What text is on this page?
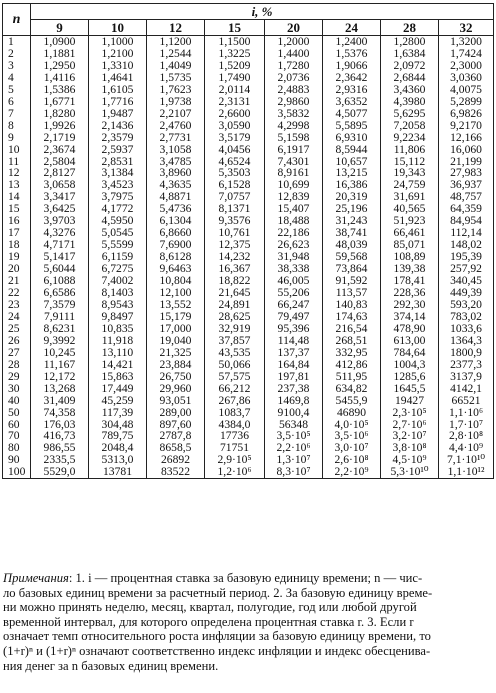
n	i, %							
	9	10	12	15	20	24	28	32
1	1,0900	1,1000	1,1200	1,1500	1,2000	1,2400	1,2800	1,3200
2	1,1881	1,2100	1,2544	1,3225	1,4400	1,5376	1,6384	1,7424
3	1,2950	1,3310	1,4049	1,5209	1,7280	1,9066	2,0972	2,3000
4	1,4116	1,4641	1,5735	1,7490	2,0736	2,3642	2,6844	3,0360
5	1,5386	1,6105	1,7623	2,0114	2,4883	2,9316	3,4360	4,0075
6	1,6771	1,7716	1,9738	2,3131	2,9860	3,6352	4,3980	5,2899
7	1,8280	1,9487	2,2107	2,6600	3,5832	4,5077	5,6295	6,9826
8	1,9926	2,1436	2,4760	3,0590	4,2998	5,5895	7,2058	9,2170
9	2,1719	2,3579	2,7731	3,5179	5,1598	6,9310	9,2234	12,166
10	2,3674	2,5937	3,1058	4,0456	6,1917	8,5944	11,806	16,060
11	2,5804	2,8531	3,4785	4,6524	7,4301	10,657	15,112	21,199
12	2,8127	3,1384	3,8960	5,3503	8,9161	13,215	19,343	27,983
13	3,0658	3,4523	4,3635	6,1528	10,699	16,386	24,759	36,937
14	3,3417	3,7975	4,8871	7,0757	12,839	20,319	31,691	48,757
15	3,6425	4,1772	5,4736	8,1371	15,407	25,196	40,565	64,359
16	3,9703	4,5950	6,1304	9,3576	18,488	31,243	51,923	84,954
17	4,3276	5,0545	6,8660	10,761	22,186	38,741	66,461	112,14
18	4,7171	5,5599	7,6900	12,375	26,623	48,039	85,071	148,02
19	5,1417	6,1159	8,6128	14,232	31,948	59,568	108,89	195,39
20	5,6044	6,7275	9,6463	16,367	38,338	73,864	139,38	257,92
21	6,1088	7,4002	10,804	18,822	46,005	91,592	178,41	340,45
22	6,6586	8,1403	12,100	21,645	55,206	113,57	228,36	449,39
23	7,3579	8,9543	13,552	24,891	66,247	140,83	292,30	593,20
24	7,9111	9,8497	15,179	28,625	79,497	174,63	374,14	783,02
25	8,6231	10,835	17,000	32,919	95,396	216,54	478,90	1033,6
26	9,3992	11,918	19,040	37,857	114,48	268,51	613,00	1364,3
27	10,245	13,110	21,325	43,535	137,37	332,95	784,64	1800,9
28	11,167	14,421	23,884	50,066	164,84	412,86	1004,3	2377,3
29	12,172	15,863	26,750	57,575	197,81	511,95	1285,6	3137,9
30	13,268	17,449	29,960	66,212	237,38	634,82	1645,5	4142,1
40	31,409	45,259	93,051	267,86	1469,8	5455,9	19427	66521
50	74,358	117,39	289,00	1083,7	9100,4	46890	2,3·10⁵	1,1·10⁶
60	176,03	304,48	897,60	4384,0	56348	4,0·10⁵	2,7·10⁶	1,7·10⁷
70	416,73	789,75	2787,8	17736	3,5·10⁵	3,5·10⁶	3,2·10⁷	2,8·10⁸
80	986,55	2048,4	8658,5	71751	2,2·10⁶	3,0·10⁷	3,8·10⁸	4,4·10⁹
90	2335,5	5313,0	26892	2,9·10⁵	1,3·10⁷	2,6·10⁸	4,5·10⁹	7,1·10¹⁰
100	5529,0	13781	83522	1,2·10⁶	8,3·10⁷	2,2·10⁹	5,3·10¹⁰	1,1·10¹²
Примечания: 1. i — процентная ставка за базовую единицу времени; n — чис-
ло базовых единиц времени за расчетный период. 2. За базовую единицу време-
ни можно принять неделю, месяц, квартал, полугодие, год или любой другой
временной интервал, для которого определена процентная ставка r. 3. Если r
означает темп относительного роста инфляции за базовую единицу времени, то
(1+r)ⁿ и (1+r)ⁿ означают соответственно индекс инфляции и индекс обесценива-
ния денег за n базовых единиц времени.
